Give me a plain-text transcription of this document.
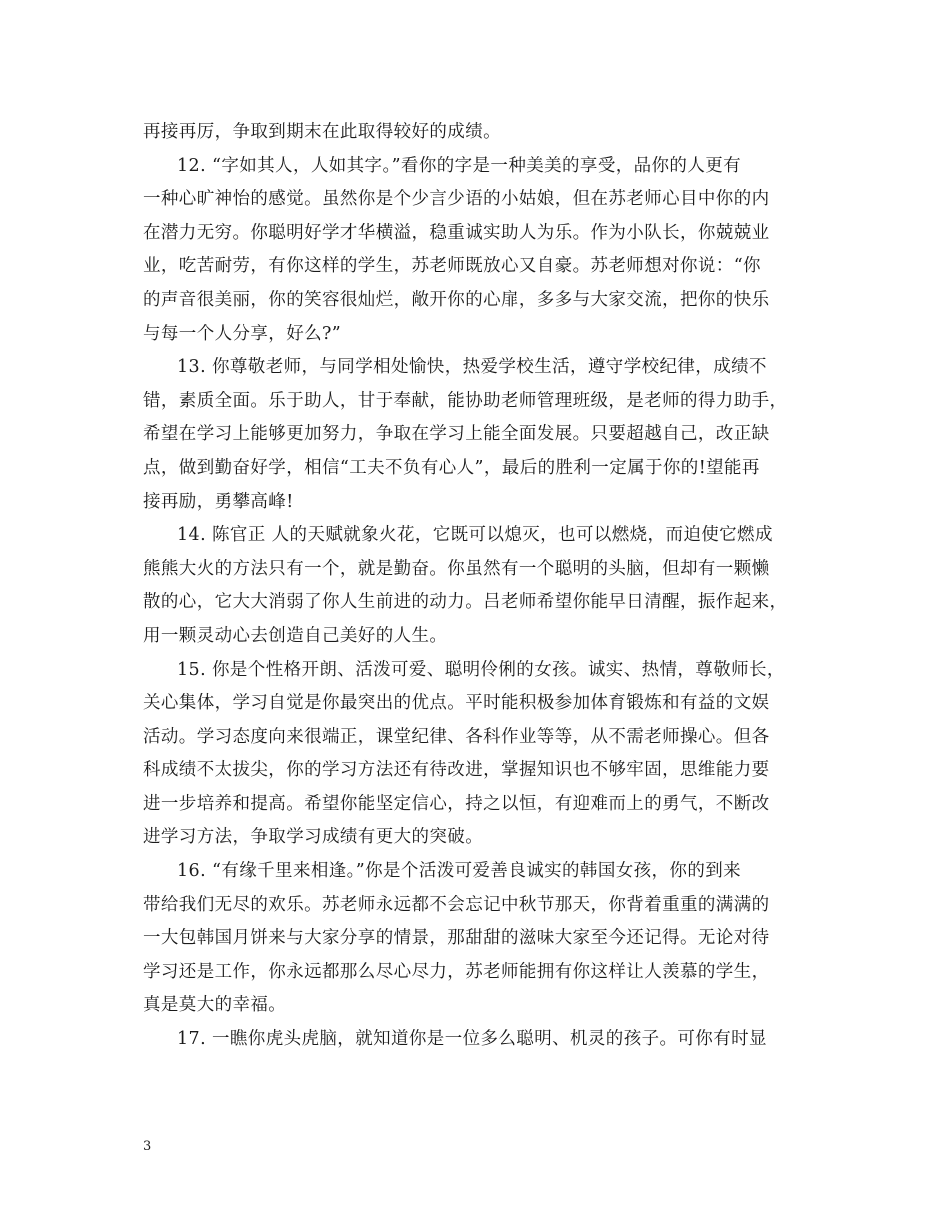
再接再厉，争取到期末在此取得较好的成绩。
12. “字如其人，人如其字。”看你的字是一种美美的享受，品你的人更有
一种心旷神怡的感觉。虽然你是个少言少语的小姑娘，但在苏老师心目中你的内
在潜力无穷。你聪明好学才华横溢，稳重诚实助人为乐。作为小队长，你兢兢业
业，吃苦耐劳，有你这样的学生，苏老师既放心又自豪。苏老师想对你说：“你
的声音很美丽，你的笑容很灿烂，敞开你的心扉，多多与大家交流，把你的快乐
与每一个人分享，好么?”
13. 你尊敬老师，与同学相处愉快，热爱学校生活，遵守学校纪律，成绩不
错，素质全面。乐于助人，甘于奉献，能协助老师管理班级，是老师的得力助手，
希望在学习上能够更加努力，争取在学习上能全面发展。只要超越自己，改正缺
点，做到勤奋好学，相信“工夫不负有心人”，最后的胜利一定属于你的!望能再
接再励，勇攀高峰!
14. 陈官正 人的天赋就象火花，它既可以熄灭，也可以燃烧，而迫使它燃成
熊熊大火的方法只有一个，就是勤奋。你虽然有一个聪明的头脑，但却有一颗懒
散的心，它大大消弱了你人生前进的动力。吕老师希望你能早日清醒，振作起来，
用一颗灵动心去创造自己美好的人生。
15. 你是个性格开朗、活泼可爱、聪明伶俐的女孩。诚实、热情，尊敬师长，
关心集体，学习自觉是你最突出的优点。平时能积极参加体育锻炼和有益的文娱
活动。学习态度向来很端正，课堂纪律、各科作业等等，从不需老师操心。但各
科成绩不太拔尖，你的学习方法还有待改进，掌握知识也不够牢固，思维能力要
进一步培养和提高。希望你能坚定信心，持之以恒，有迎难而上的勇气，不断改
进学习方法，争取学习成绩有更大的突破。
16. “有缘千里来相逢。”你是个活泼可爱善良诚实的韩国女孩，你的到来
带给我们无尽的欢乐。苏老师永远都不会忘记中秋节那天，你背着重重的满满的
一大包韩国月饼来与大家分享的情景，那甜甜的滋味大家至今还记得。无论对待
学习还是工作，你永远都那么尽心尽力，苏老师能拥有你这样让人羡慕的学生，
真是莫大的幸福。
17. 一瞧你虎头虎脑，就知道你是一位多么聪明、机灵的孩子。可你有时显
3
